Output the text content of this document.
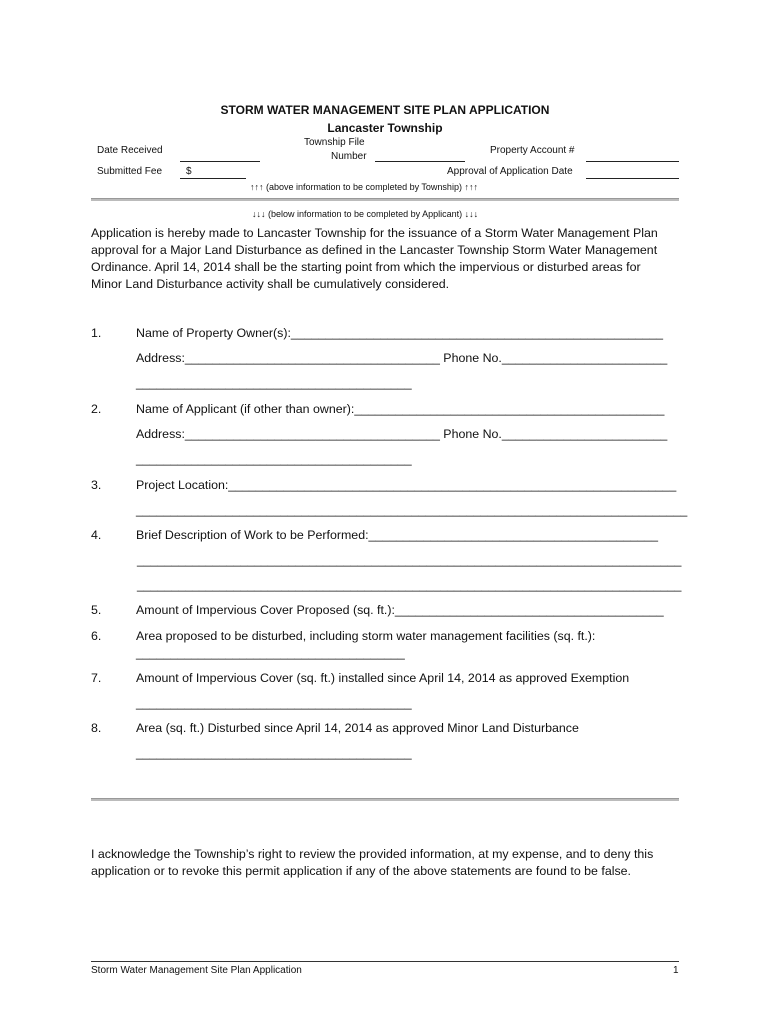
STORM WATER MANAGEMENT SITE PLAN APPLICATION
Lancaster Township
Date Received
Township File
Number
Property Account #
Submitted Fee $	Approval of Application Date
↑↑↑ (above information to be completed by Township) ↑↑↑
↓↓↓ (below information to be completed by Applicant) ↓↓↓
Application is hereby made to Lancaster Township for the issuance of a Storm Water Management Plan
approval for a Major Land Disturbance as defined in the Lancaster Township Storm Water Management
Ordinance. April 14, 2014 shall be the starting point from which the impervious or disturbed areas for
Minor Land Disturbance activity shall be cumulatively considered.
1.	Name of Property Owner(s):______________________________________________________
Address:_____________________________________ Phone No.________________________
________________________________________
2.	Name of Applicant (if other than owner):_____________________________________________
Address:_____________________________________ Phone No.________________________
________________________________________
3.	Project Location:_________________________________________________________________
________________________________________________________________________________
4.	Brief Description of Work to be Performed:__________________________________________
_______________________________________________________________________________
_______________________________________________________________________________
5.	Amount of Impervious Cover Proposed (sq. ft.):_______________________________________
6.	Area proposed to be disturbed, including storm water management facilities (sq. ft.):
_______________________________________
7.	Amount of Impervious Cover (sq. ft.) installed since April 14, 2014 as approved Exemption
________________________________________
8.	Area (sq. ft.) Disturbed since April 14, 2014 as approved Minor Land Disturbance
________________________________________
I acknowledge the Township’s right to review the provided information, at my expense, and to deny this
application or to revoke this permit application if any of the above statements are found to be false.
Storm Water Management Site Plan Application	1
